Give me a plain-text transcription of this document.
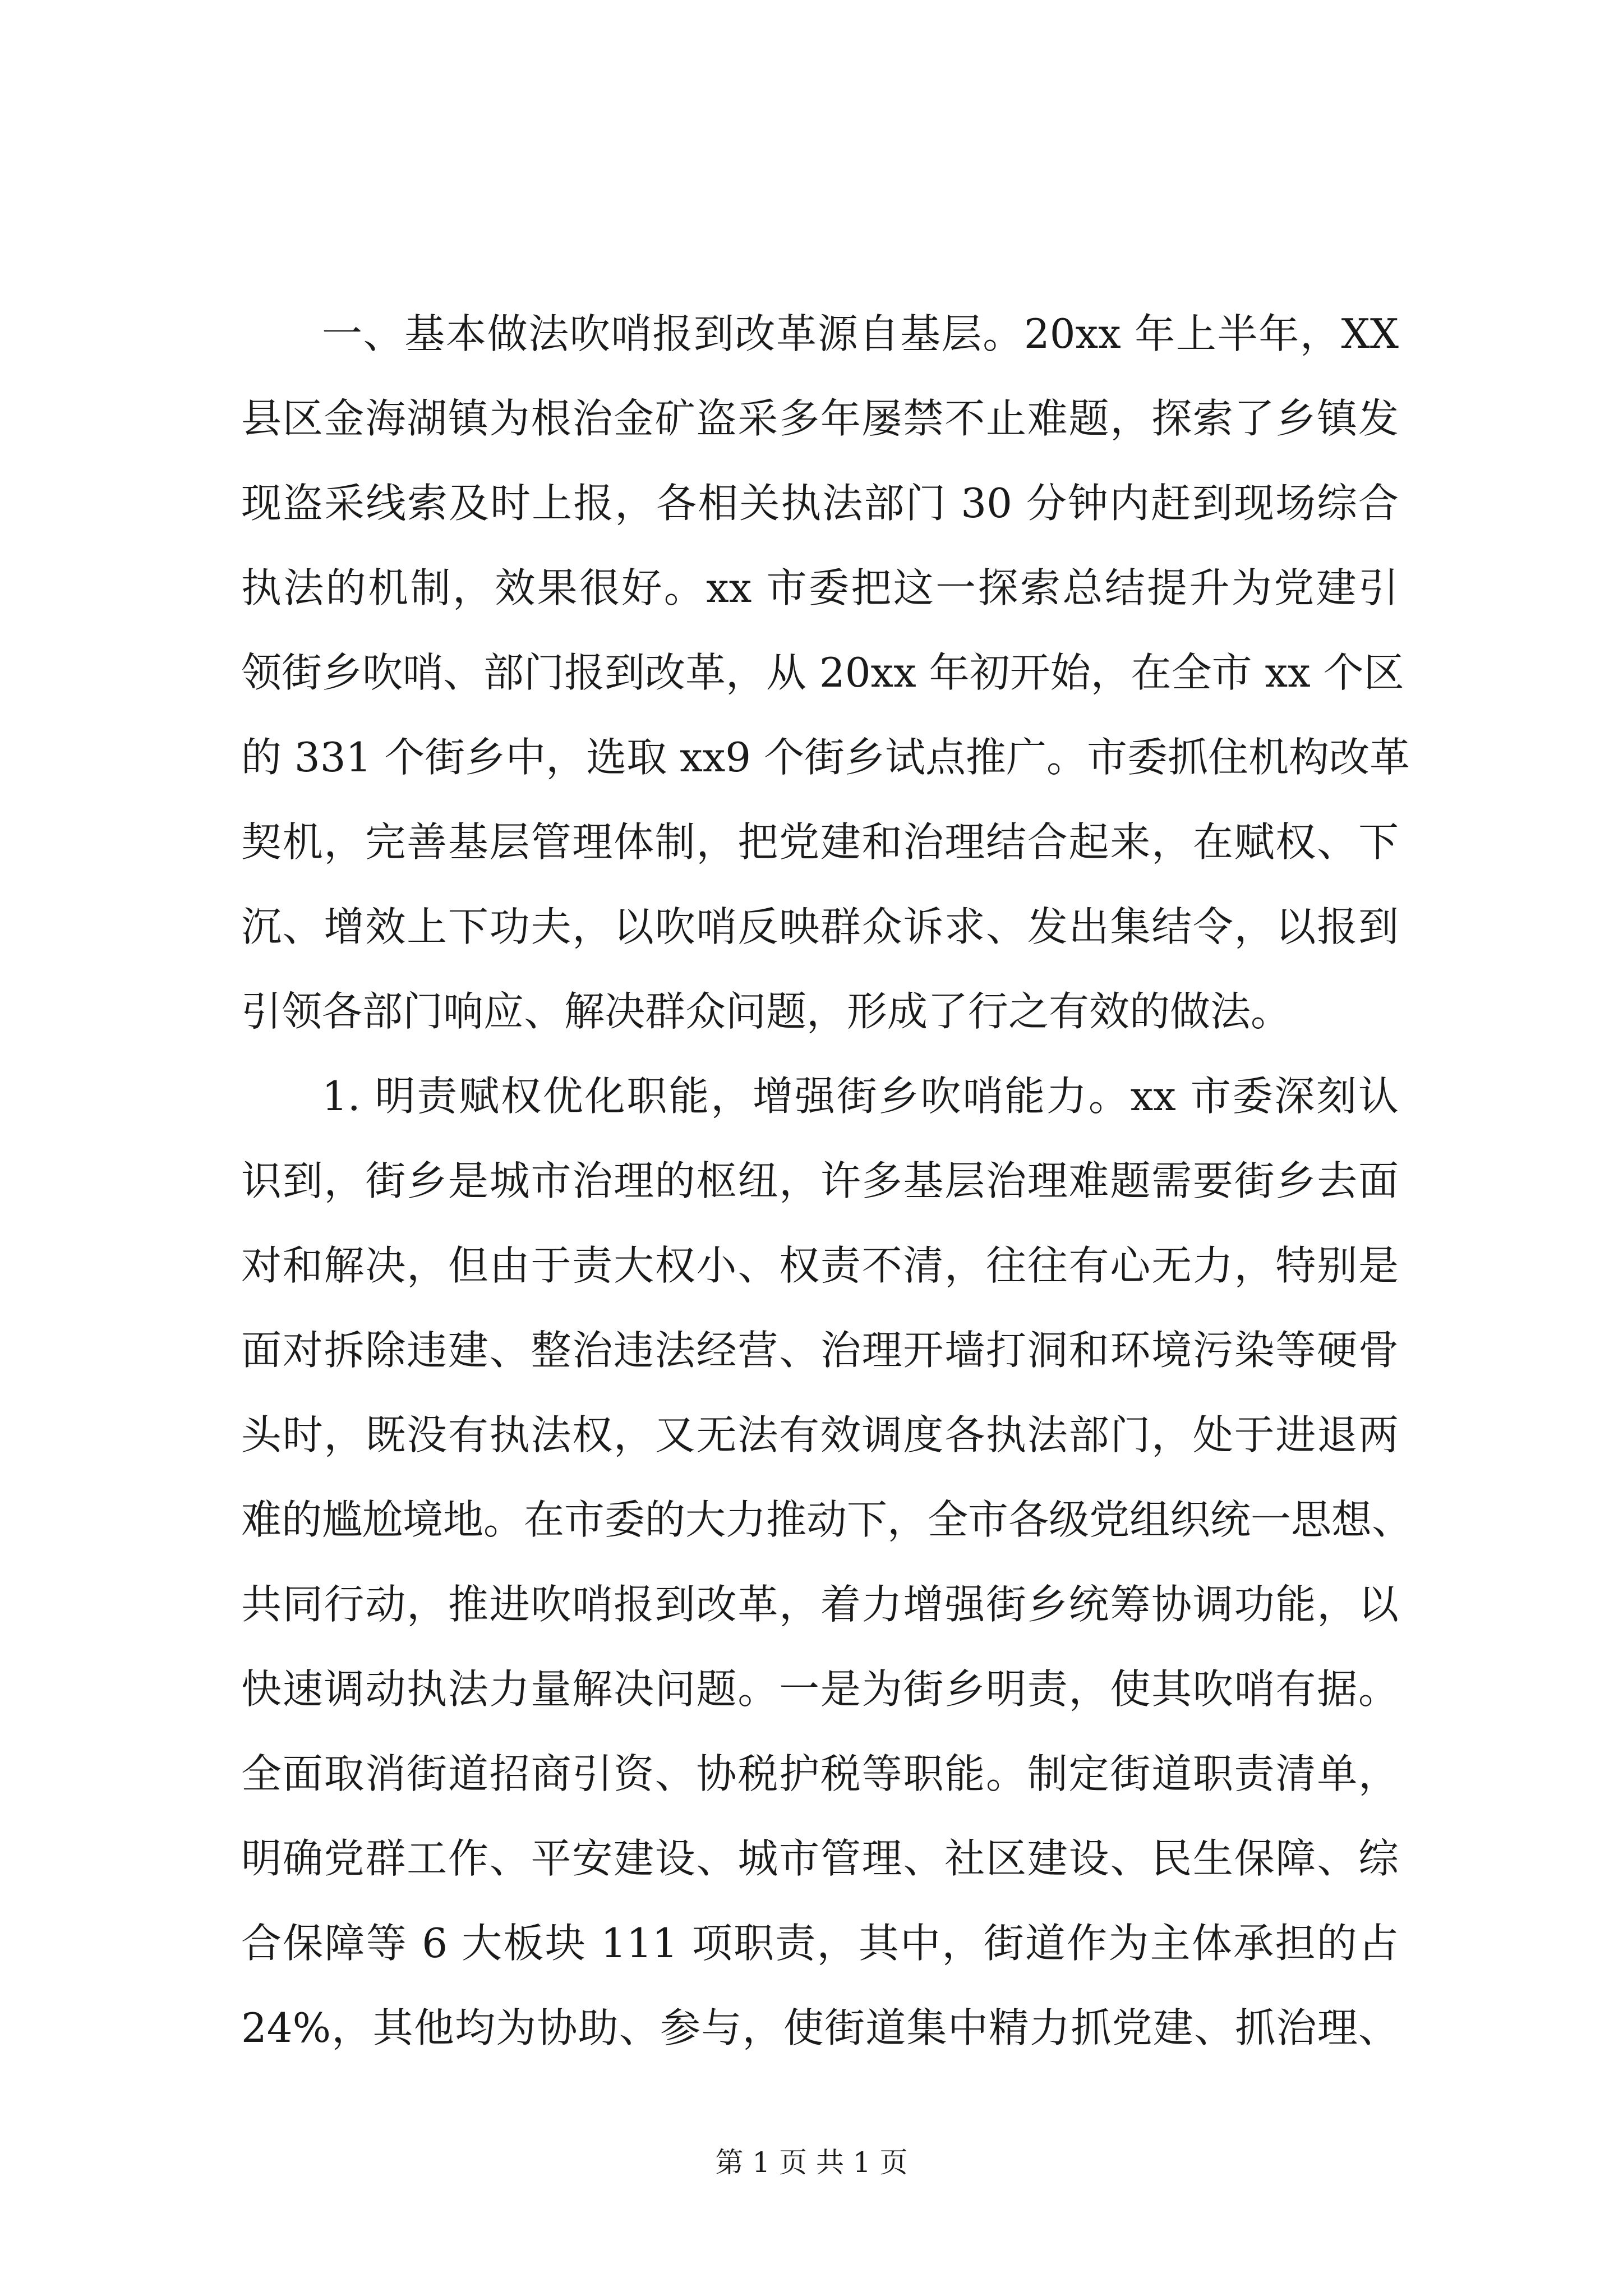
一、基本做法吹哨报到改革源自基层。20xx 年上半年，XX
县区金海湖镇为根治金矿盗采多年屡禁不止难题，探索了乡镇发
现盗采线索及时上报，各相关执法部门 30 分钟内赶到现场综合
执法的机制，效果很好。xx 市委把这一探索总结提升为党建引
领街乡吹哨、部门报到改革，从 20xx 年初开始，在全市 xx 个区
的 331 个街乡中，选取 xx9 个街乡试点推广。市委抓住机构改革
契机，完善基层管理体制，把党建和治理结合起来，在赋权、下
沉、增效上下功夫，以吹哨反映群众诉求、发出集结令，以报到
引领各部门响应、解决群众问题，形成了行之有效的做法。
1. 明责赋权优化职能，增强街乡吹哨能力。xx 市委深刻认
识到，街乡是城市治理的枢纽，许多基层治理难题需要街乡去面
对和解决，但由于责大权小、权责不清，往往有心无力，特别是
面对拆除违建、整治违法经营、治理开墙打洞和环境污染等硬骨
头时，既没有执法权，又无法有效调度各执法部门，处于进退两
难的尴尬境地。在市委的大力推动下，全市各级党组织统一思想、
共同行动，推进吹哨报到改革，着力增强街乡统筹协调功能，以
快速调动执法力量解决问题。一是为街乡明责，使其吹哨有据。
全面取消街道招商引资、协税护税等职能。制定街道职责清单，
明确党群工作、平安建设、城市管理、社区建设、民生保障、综
合保障等 6 大板块 111 项职责，其中，街道作为主体承担的占
24%，其他均为协助、参与，使街道集中精力抓党建、抓治理、
第 1 页 共 1 页
